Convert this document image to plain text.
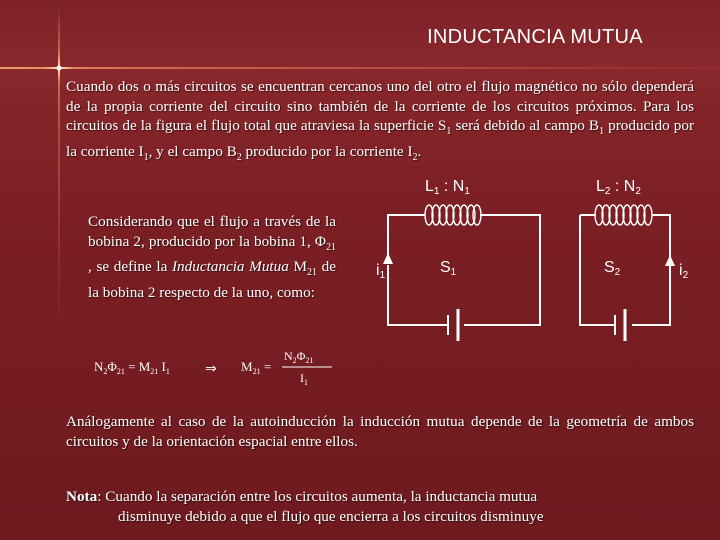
INDUCTANCIA MUTUA
Cuando dos o más circuitos se encuentran cercanos uno del otro el flujo magnético no sólo dependerá de la propia corriente del circuito sino también de la corriente de los circuitos próximos. Para los circuitos de la figura el flujo total que atraviesa la superficie $S_1$ será debido al campo $B_1$ producido por la corriente $I_1$, y el campo $B_2$ producido por la corriente $I_2$.
Considerando que el flujo a través de la bobina 2, producido por la bobina 1, $\Phi_{21}$ , se define la Inductancia Mutua $M_{21}$ de la bobina 2 respecto de la uno, como:
L1 : N1	L2 : N2
S1	S2
i1	i2
$N_2\Phi_{21} = M_{21}$ $I_1$	⇒ $M_{21}$ =
$N_2\Phi_{21}$
$I_1$
Análogamente al caso de la autoinducción la inducción mutua depende de la geometría de ambos circuitos y de la orientación espacial entre ellos.
Nota: Cuando la separación entre los circuitos aumenta, la inductancia mutua
disminuye debido a que el flujo que encierra a los circuitos disminuye
